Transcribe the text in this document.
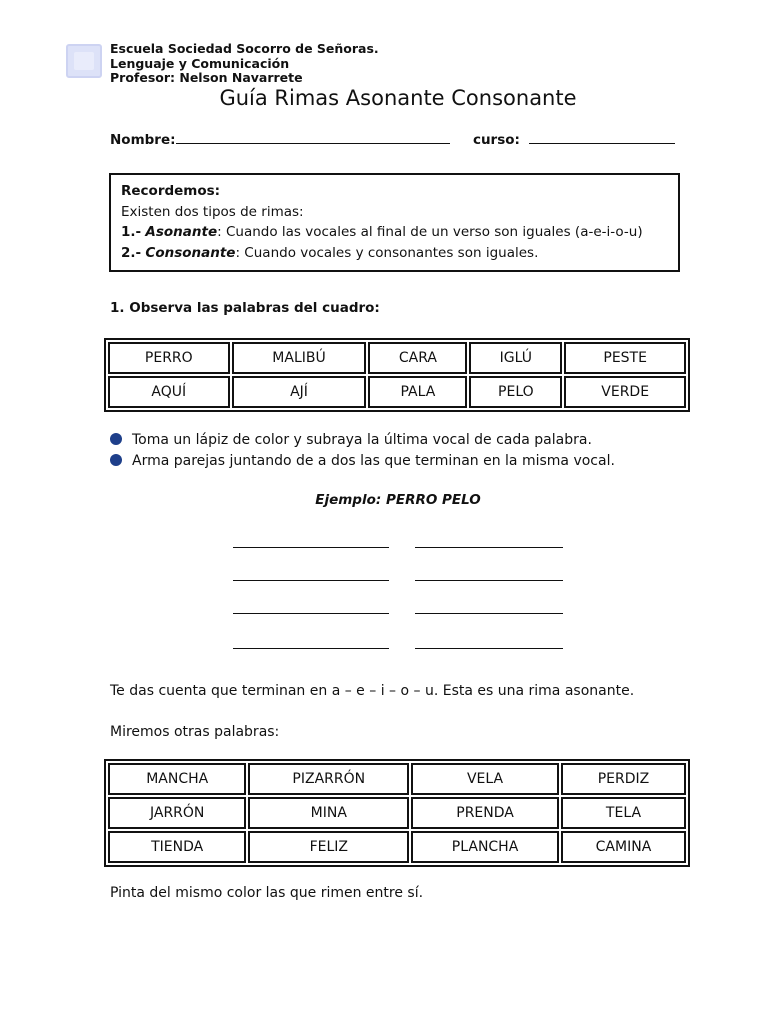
Escuela Sociedad Socorro de Señoras.
Lenguaje y Comunicación
Profesor: Nelson Navarrete
Guía Rimas Asonante Consonante
Nombre:	curso:
Recordemos:
Existen dos tipos de rimas:
1.- Asonante: Cuando las vocales al final de un verso son iguales (a-e-i-o-u)
2.- Consonante: Cuando vocales y consonantes son iguales.
1. Observa las palabras del cuadro:
PERRO	MALIBÚ	CARA	IGLÚ	PESTE
AQUÍ	AJÍ	PALA	PELO	VERDE
Toma un lápiz de color y subraya la última vocal de cada palabra.
Arma parejas juntando de a dos las que terminan en la misma vocal.
Ejemplo: PERRO PELO
Te das cuenta que terminan en a – e – i – o – u. Esta es una rima asonante.
Miremos otras palabras:
MANCHA	PIZARRÓN	VELA	PERDIZ
JARRÓN	MINA	PRENDA	TELA
TIENDA	FELIZ	PLANCHA	CAMINA
Pinta del mismo color las que rimen entre sí.
